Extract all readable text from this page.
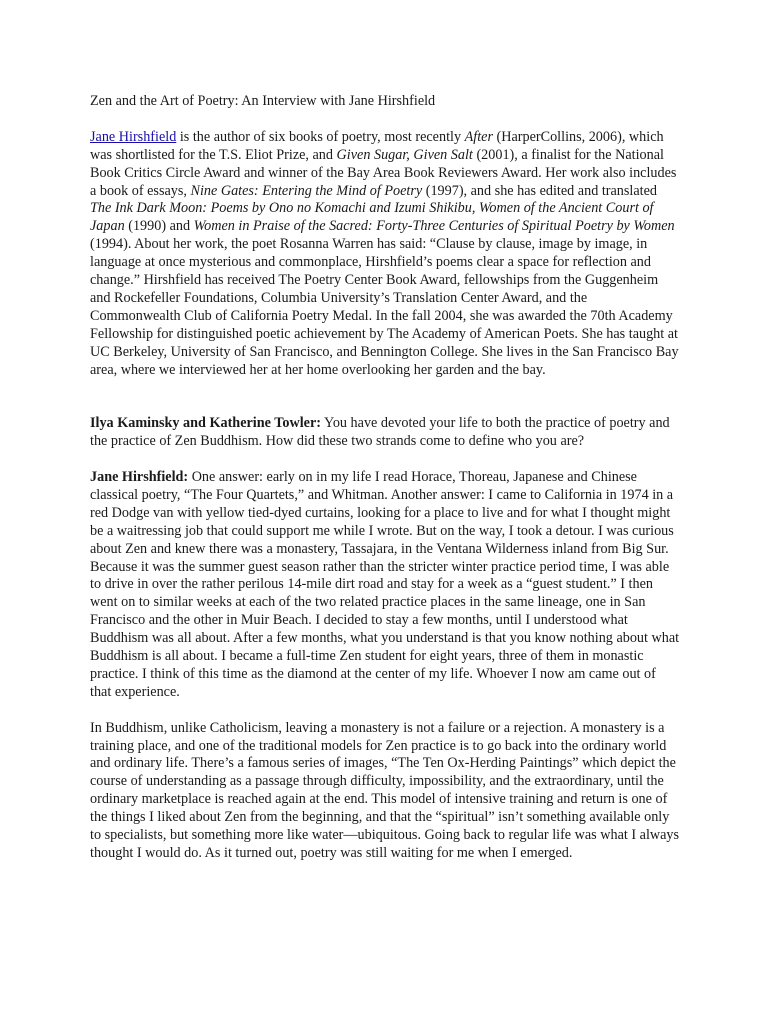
Zen and the Art of Poetry: An Interview with Jane Hirshfield

Jane Hirshfield is the author of six books of poetry, most recently After (HarperCollins, 2006), which was shortlisted for the T.S. Eliot Prize, and Given Sugar, Given Salt (2001), a finalist for the National Book Critics Circle Award and winner of the Bay Area Book Reviewers Award. Her work also includes a book of essays, Nine Gates: Entering the Mind of Poetry (1997), and she has edited and translated The Ink Dark Moon: Poems by Ono no Komachi and Izumi Shikibu, Women of the Ancient Court of Japan (1990) and Women in Praise of the Sacred: Forty-Three Centuries of Spiritual Poetry by Women (1994). About her work, the poet Rosanna Warren has said: “Clause by clause, image by image, in language at once mysterious and commonplace, Hirshfield’s poems clear a space for reflection and change.” Hirshfield has received The Poetry Center Book Award, fellowships from the Guggenheim and Rockefeller Foundations, Columbia University’s Translation Center Award, and the Commonwealth Club of California Poetry Medal. In the fall 2004, she was awarded the 70th Academy Fellowship for distinguished poetic achievement by The Academy of American Poets. She has taught at UC Berkeley, University of San Francisco, and Bennington College. She lives in the San Francisco Bay area, where we interviewed her at her home overlooking her garden and the bay.

Ilya Kaminsky and Katherine Towler: You have devoted your life to both the practice of poetry and the practice of Zen Buddhism. How did these two strands come to define who you are?

Jane Hirshfield: One answer: early on in my life I read Horace, Thoreau, Japanese and Chinese classical poetry, “The Four Quartets,” and Whitman. Another answer: I came to California in 1974 in a red Dodge van with yellow tied-dyed curtains, looking for a place to live and for what I thought might be a waitressing job that could support me while I wrote. But on the way, I took a detour. I was curious about Zen and knew there was a monastery, Tassajara, in the Ventana Wilderness inland from Big Sur. Because it was the summer guest season rather than the stricter winter practice period time, I was able to drive in over the rather perilous 14-mile dirt road and stay for a week as a “guest student.” I then went on to similar weeks at each of the two related practice places in the same lineage, one in San Francisco and the other in Muir Beach. I decided to stay a few months, until I understood what Buddhism was all about. After a few months, what you understand is that you know nothing about what Buddhism is all about. I became a full-time Zen student for eight years, three of them in monastic practice. I think of this time as the diamond at the center of my life. Whoever I now am came out of that experience.

In Buddhism, unlike Catholicism, leaving a monastery is not a failure or a rejection. A monastery is a training place, and one of the traditional models for Zen practice is to go back into the ordinary world and ordinary life. There’s a famous series of images, “The Ten Ox-Herding Paintings” which depict the course of understanding as a passage through difficulty, impossibility, and the extraordinary, until the ordinary marketplace is reached again at the end. This model of intensive training and return is one of the things I liked about Zen from the beginning, and that the “spiritual” isn’t something available only to specialists, but something more like water—ubiquitous. Going back to regular life was what I always thought I would do. As it turned out, poetry was still waiting for me when I emerged.
